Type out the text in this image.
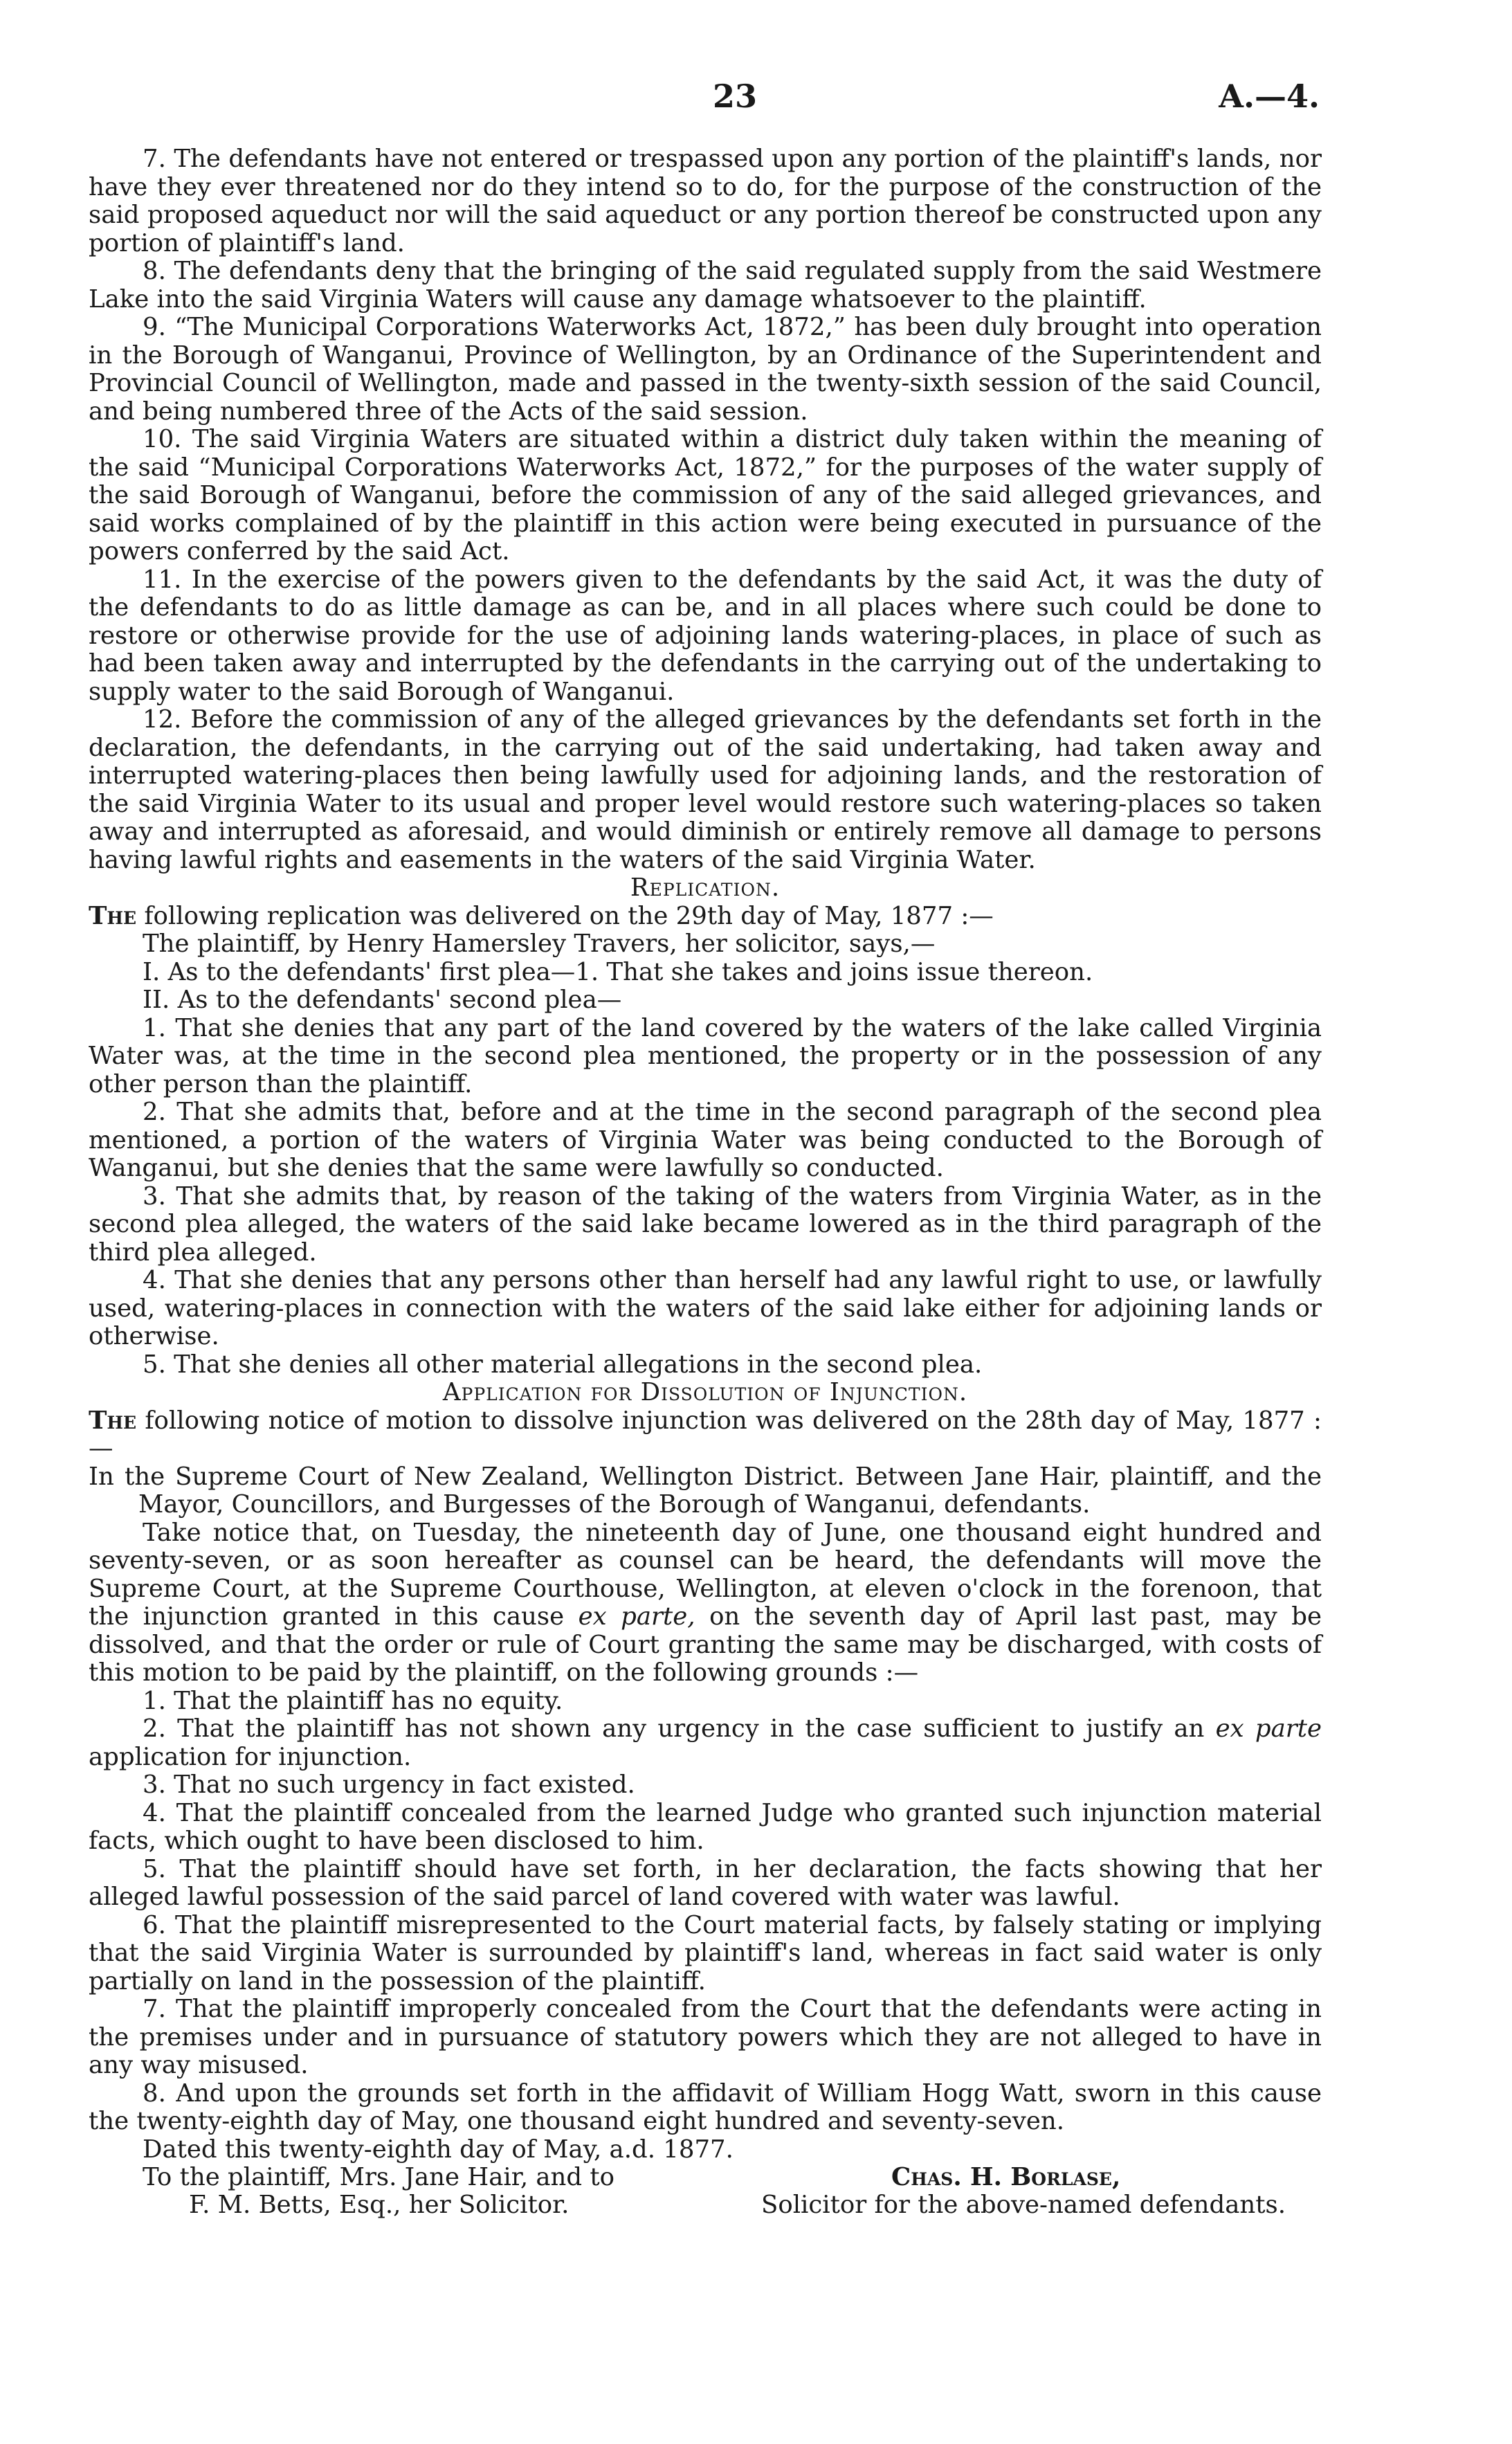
23	A.—4.

7. The defendants have not entered or trespassed upon any portion of the plaintiff's lands, nor have they ever threatened nor do they intend so to do, for the purpose of the construction of the said proposed aqueduct nor will the said aqueduct or any portion thereof be constructed upon any portion of plaintiff's land.

8. The defendants deny that the bringing of the said regulated supply from the said Westmere Lake into the said Virginia Waters will cause any damage whatsoever to the plaintiff.

9. “The Municipal Corporations Waterworks Act, 1872,” has been duly brought into operation in the Borough of Wanganui, Province of Wellington, by an Ordinance of the Superintendent and Provincial Council of Wellington, made and passed in the twenty-sixth session of the said Council, and being numbered three of the Acts of the said session.

10. The said Virginia Waters are situated within a district duly taken within the meaning of the said “Municipal Corporations Waterworks Act, 1872,” for the purposes of the water supply of the said Borough of Wanganui, before the commission of any of the said alleged grievances, and said works complained of by the plaintiff in this action were being executed in pursuance of the powers conferred by the said Act.

11. In the exercise of the powers given to the defendants by the said Act, it was the duty of the defendants to do as little damage as can be, and in all places where such could be done to restore or otherwise provide for the use of adjoining lands watering-places, in place of such as had been taken away and interrupted by the defendants in the carrying out of the undertaking to supply water to the said Borough of Wanganui.

12. Before the commission of any of the alleged grievances by the defendants set forth in the declaration, the defendants, in the carrying out of the said undertaking, had taken away and interrupted watering-places then being lawfully used for adjoining lands, and the restoration of the said Virginia Water to its usual and proper level would restore such watering-places so taken away and interrupted as aforesaid, and would diminish or entirely remove all damage to persons having lawful rights and easements in the waters of the said Virginia Water.

Replication.

The following replication was delivered on the 29th day of May, 1877 :—

The plaintiff, by Henry Hamersley Travers, her solicitor, says,—

I. As to the defendants' first plea—1. That she takes and joins issue thereon.

II. As to the defendants' second plea—

1. That she denies that any part of the land covered by the waters of the lake called Virginia Water was, at the time in the second plea mentioned, the property or in the possession of any other person than the plaintiff.

2. That she admits that, before and at the time in the second paragraph of the second plea mentioned, a portion of the waters of Virginia Water was being conducted to the Borough of Wanganui, but she denies that the same were lawfully so conducted.

3. That she admits that, by reason of the taking of the waters from Virginia Water, as in the second plea alleged, the waters of the said lake became lowered as in the third paragraph of the third plea alleged.

4. That she denies that any persons other than herself had any lawful right to use, or lawfully used, watering-places in connection with the waters of the said lake either for adjoining lands or otherwise.

5. That she denies all other material allegations in the second plea.

Application for Dissolution of Injunction.

The following notice of motion to dissolve injunction was delivered on the 28th day of May, 1877 :—

In the Supreme Court of New Zealand, Wellington District. Between Jane Hair, plaintiff, and the Mayor, Councillors, and Burgesses of the Borough of Wanganui, defendants.

Take notice that, on Tuesday, the nineteenth day of June, one thousand eight hundred and seventy-seven, or as soon hereafter as counsel can be heard, the defendants will move the Supreme Court, at the Supreme Courthouse, Wellington, at eleven o'clock in the forenoon, that the injunction granted in this cause ex parte, on the seventh day of April last past, may be dissolved, and that the order or rule of Court granting the same may be discharged, with costs of this motion to be paid by the plaintiff, on the following grounds :—

1. That the plaintiff has no equity.

2. That the plaintiff has not shown any urgency in the case sufficient to justify an ex parte application for injunction.

3. That no such urgency in fact existed.

4. That the plaintiff concealed from the learned Judge who granted such injunction material facts, which ought to have been disclosed to him.

5. That the plaintiff should have set forth, in her declaration, the facts showing that her alleged lawful possession of the said parcel of land covered with water was lawful.

6. That the plaintiff misrepresented to the Court material facts, by falsely stating or implying that the said Virginia Water is surrounded by plaintiff's land, whereas in fact said water is only partially on land in the possession of the plaintiff.

7. That the plaintiff improperly concealed from the Court that the defendants were acting in the premises under and in pursuance of statutory powers which they are not alleged to have in any way misused.

8. And upon the grounds set forth in the affidavit of William Hogg Watt, sworn in this cause the twenty-eighth day of May, one thousand eight hundred and seventy-seven.

Dated this twenty-eighth day of May, a.d. 1877.

To the plaintiff, Mrs. Jane Hair, and to
F. M. Betts, Esq., her Solicitor.
Chas. H. Borlase,
Solicitor for the above-named defendants.
